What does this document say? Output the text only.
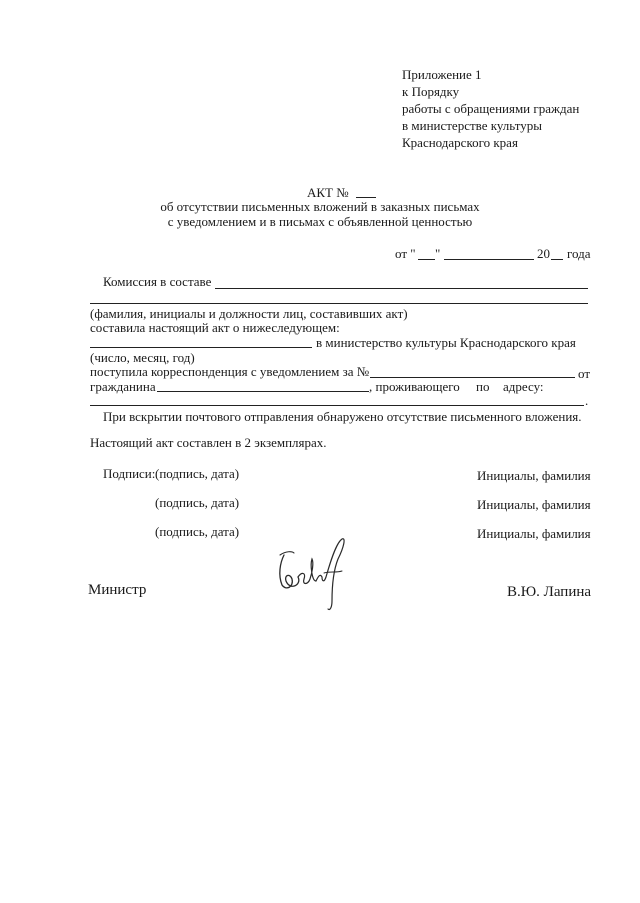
Приложение 1
к Порядку
работы с обращениями граждан
в министерстве культуры
Краснодарского края
АКТ №
об отсутствии письменных вложений в заказных письмах
с уведомлением и в письмах с объявленной ценностью
от " "	20 года
Комиссия в составе
(фамилия, инициалы и должности лиц, составивших акт)
составила настоящий акт о нижеследующем:
в министерство культуры Краснодарского края
(число, месяц, год)
поступила корреспонденция с уведомлением за №	от
гражданина	, проживающего по адресу:
.
При вскрытии почтового отправления обнаружено отсутствие письменного вложения.
Настоящий акт составлен в 2 экземплярах.
Подписи: (подпись, дата)	Инициалы, фамилия
(подпись, дата)	Инициалы, фамилия
(подпись, дата)	Инициалы, фамилия
Министр	В.Ю. Лапина
